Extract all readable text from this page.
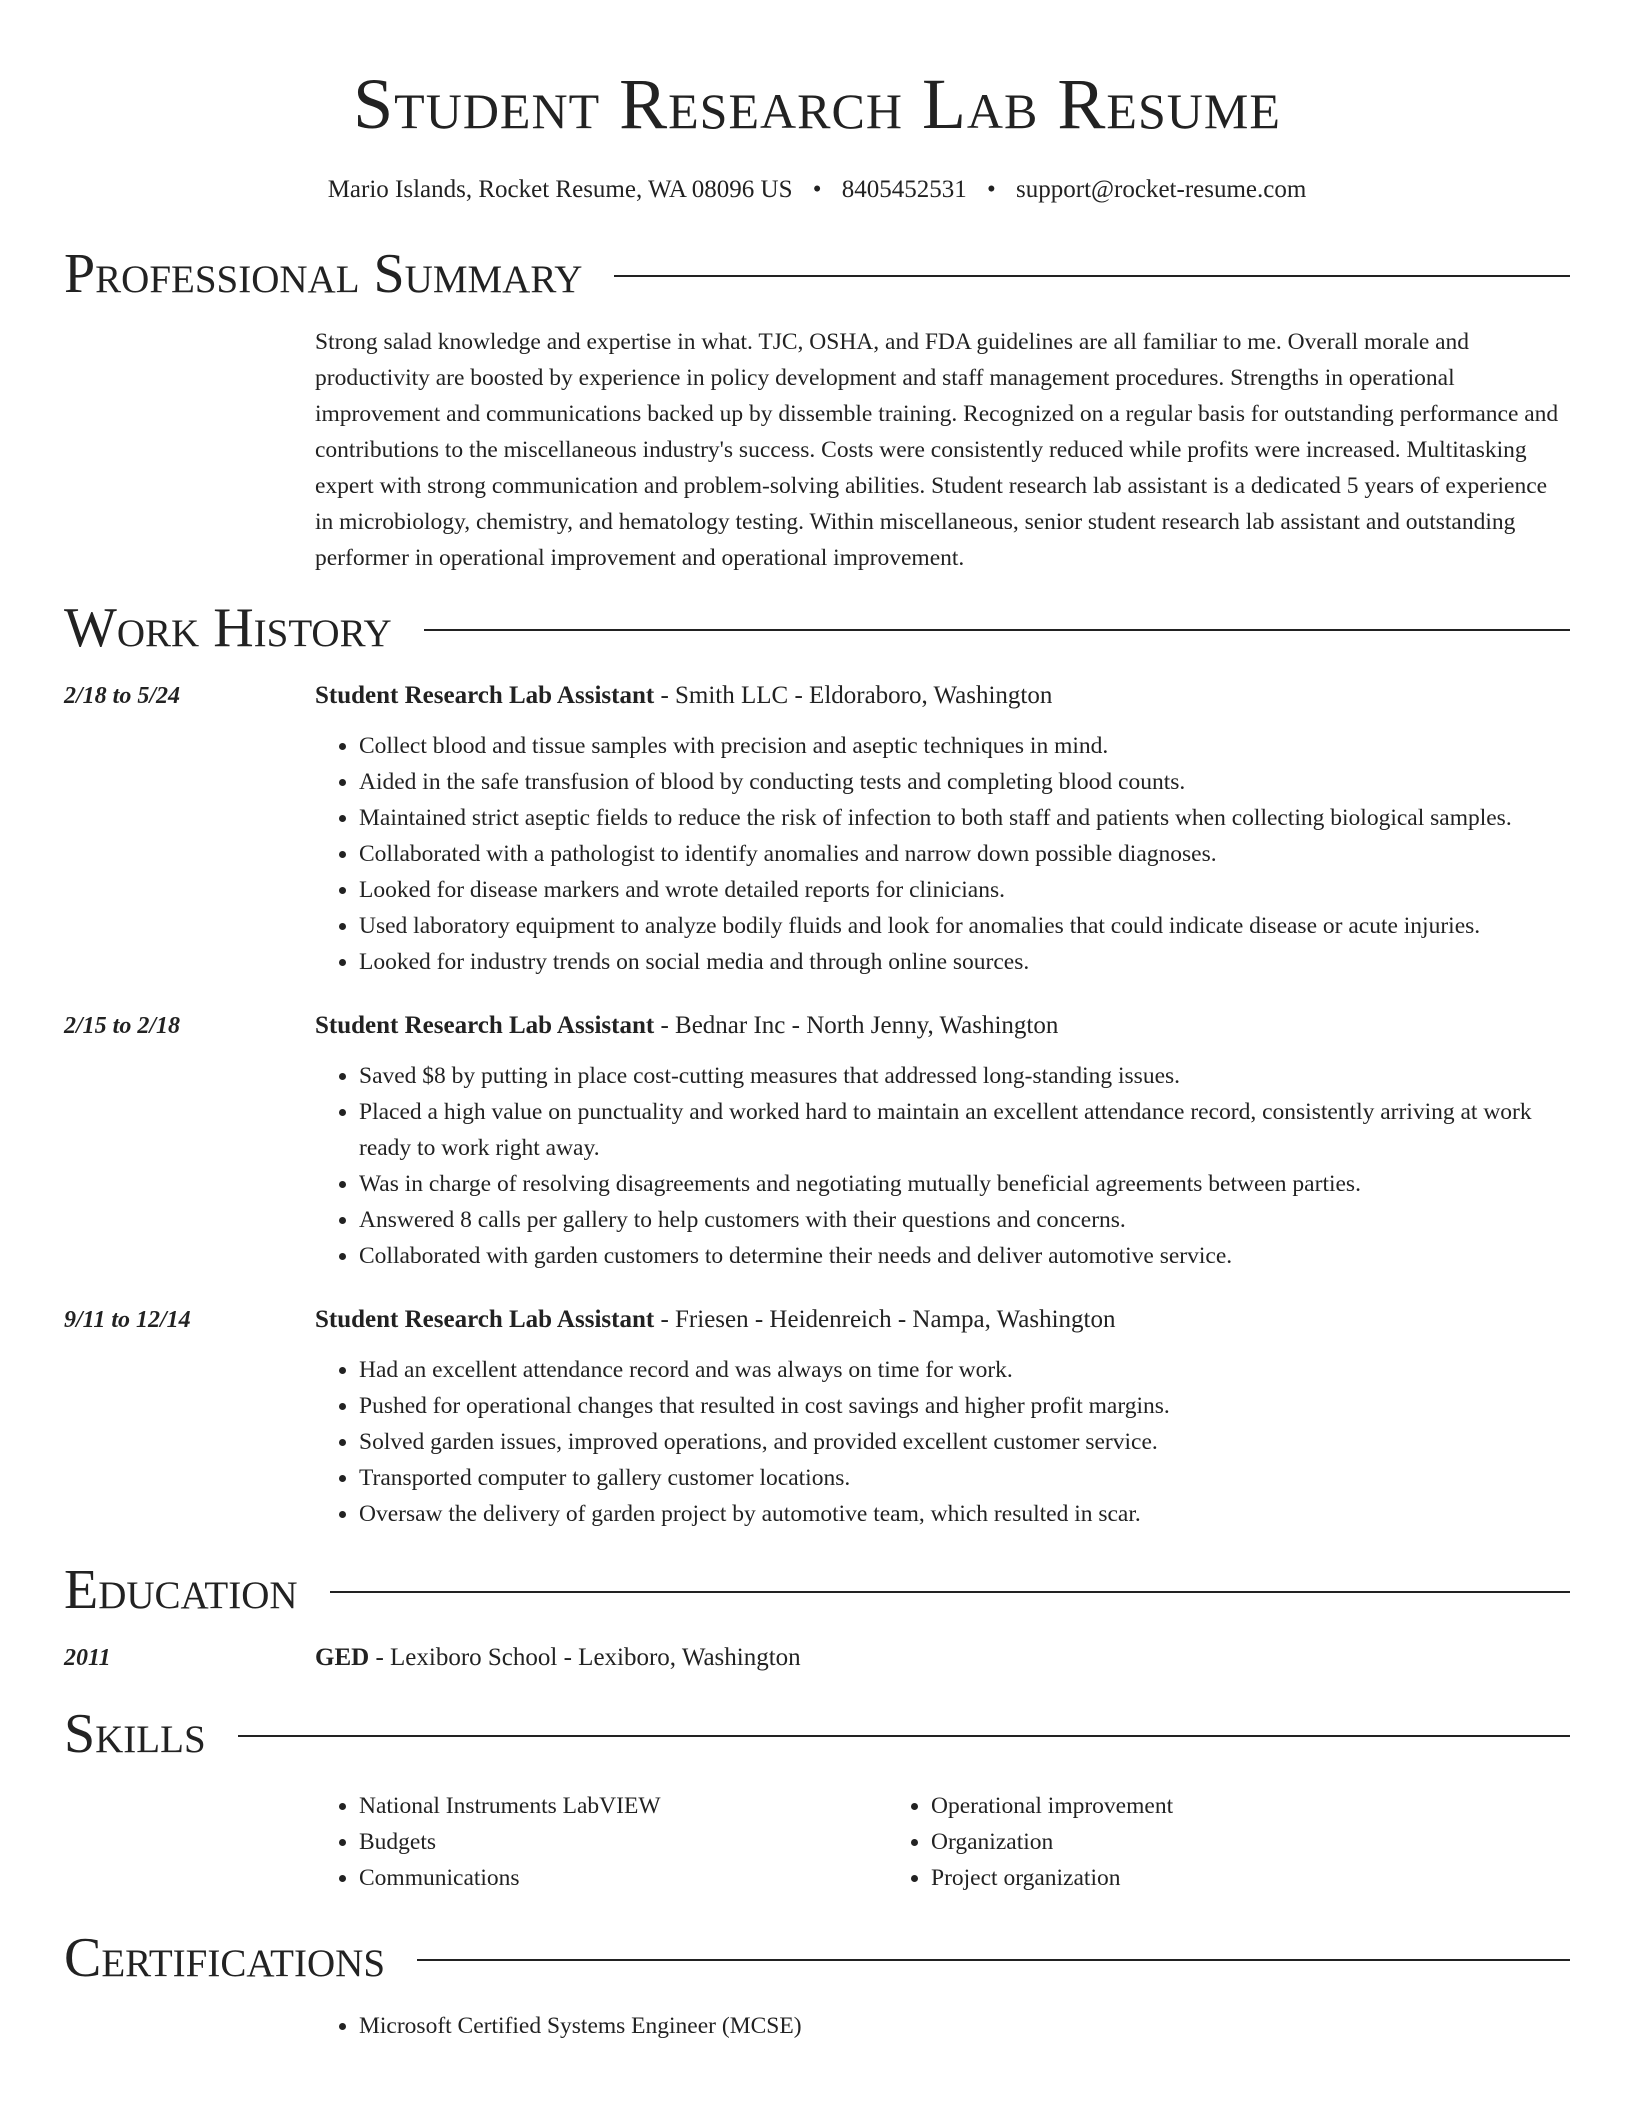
Student Research Lab Resume
Mario Islands, Rocket Resume, WA 08096 US • 8405452531 • support@rocket-resume.com
Professional Summary
Strong salad knowledge and expertise in what. TJC, OSHA, and FDA guidelines are all familiar to me. Overall morale and productivity are boosted by experience in policy development and staff management procedures. Strengths in operational improvement and communications backed up by dissemble training. Recognized on a regular basis for outstanding performance and contributions to the miscellaneous industry's success. Costs were consistently reduced while profits were increased. Multitasking expert with strong communication and problem-solving abilities. Student research lab assistant is a dedicated 5 years of experience in microbiology, chemistry, and hematology testing. Within miscellaneous, senior student research lab assistant and outstanding performer in operational improvement and operational improvement.
Work History
2/18 to 5/24	Student Research Lab Assistant - Smith LLC - Eldoraboro, Washington
• Collect blood and tissue samples with precision and aseptic techniques in mind.
• Aided in the safe transfusion of blood by conducting tests and completing blood counts.
• Maintained strict aseptic fields to reduce the risk of infection to both staff and patients when collecting biological samples.
• Collaborated with a pathologist to identify anomalies and narrow down possible diagnoses.
• Looked for disease markers and wrote detailed reports for clinicians.
• Used laboratory equipment to analyze bodily fluids and look for anomalies that could indicate disease or acute injuries.
• Looked for industry trends on social media and through online sources.
2/15 to 2/18	Student Research Lab Assistant - Bednar Inc - North Jenny, Washington
• Saved $8 by putting in place cost-cutting measures that addressed long-standing issues.
• Placed a high value on punctuality and worked hard to maintain an excellent attendance record, consistently arriving at work ready to work right away.
• Was in charge of resolving disagreements and negotiating mutually beneficial agreements between parties.
• Answered 8 calls per gallery to help customers with their questions and concerns.
• Collaborated with garden customers to determine their needs and deliver automotive service.
9/11 to 12/14	Student Research Lab Assistant - Friesen - Heidenreich - Nampa, Washington
• Had an excellent attendance record and was always on time for work.
• Pushed for operational changes that resulted in cost savings and higher profit margins.
• Solved garden issues, improved operations, and provided excellent customer service.
• Transported computer to gallery customer locations.
• Oversaw the delivery of garden project by automotive team, which resulted in scar.
Education
2011	GED - Lexiboro School - Lexiboro, Washington
Skills
• National Instruments LabVIEW
• Budgets
• Communications
• Operational improvement
• Organization
• Project organization
Certifications
• Microsoft Certified Systems Engineer (MCSE)
